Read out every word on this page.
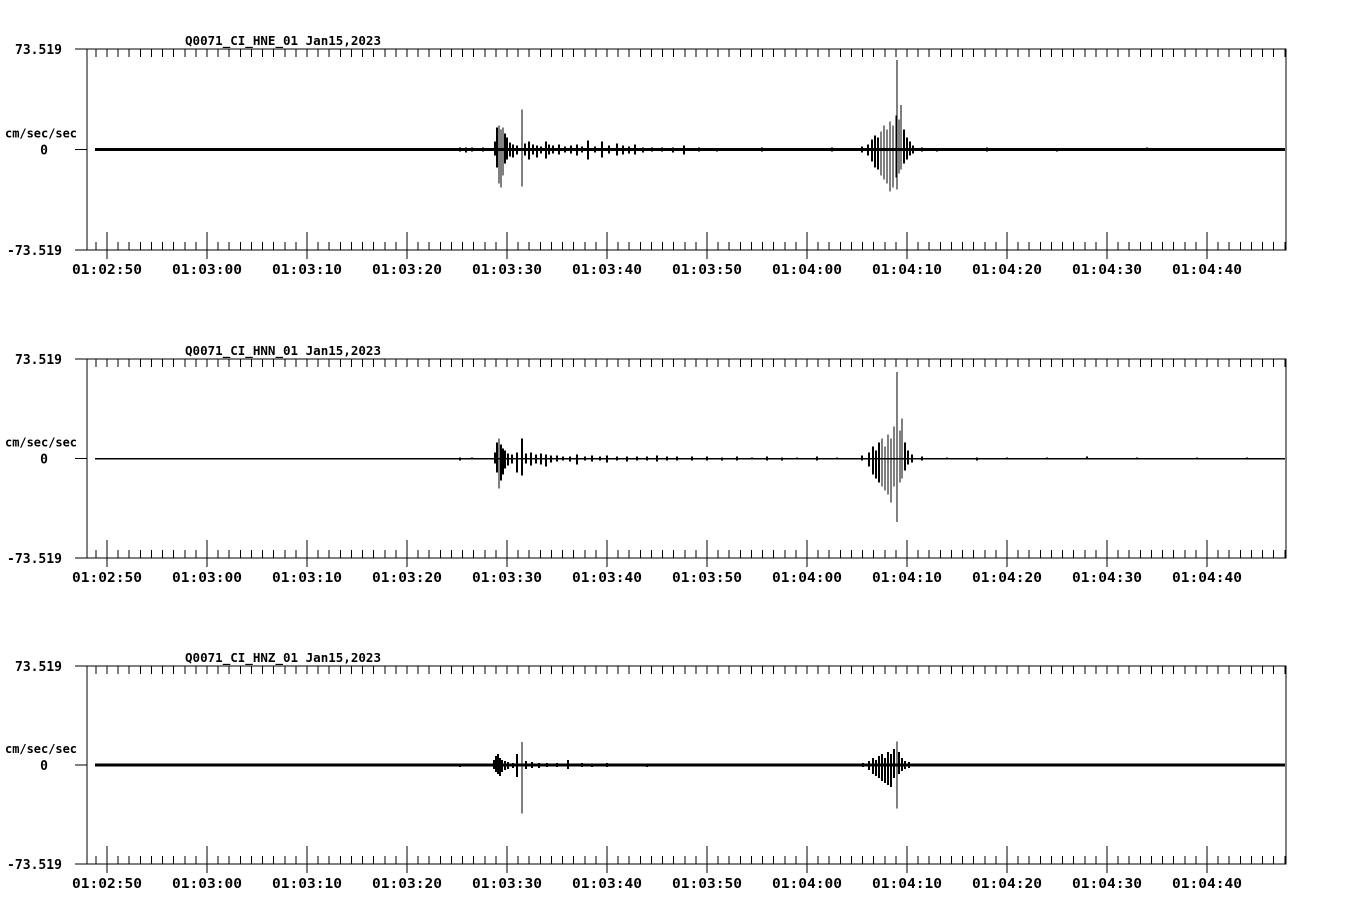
Q0071_CI_HNE_01 Jan15,2023
73.519
cm/sec/sec
0
-73.519
01:02:50 01:03:00 01:03:10 01:03:20 01:03:30 01:03:40 01:03:50 01:04:00 01:04:10 01:04:20 01:04:30 01:04:40
Q0071_CI_HNN_01 Jan15,2023
73.519
cm/sec/sec
0
-73.519
01:02:50 01:03:00 01:03:10 01:03:20 01:03:30 01:03:40 01:03:50 01:04:00 01:04:10 01:04:20 01:04:30 01:04:40
Q0071_CI_HNZ_01 Jan15,2023
73.519
cm/sec/sec
0
-73.519
01:02:50 01:03:00 01:03:10 01:03:20 01:03:30 01:03:40 01:03:50 01:04:00 01:04:10 01:04:20 01:04:30 01:04:40
